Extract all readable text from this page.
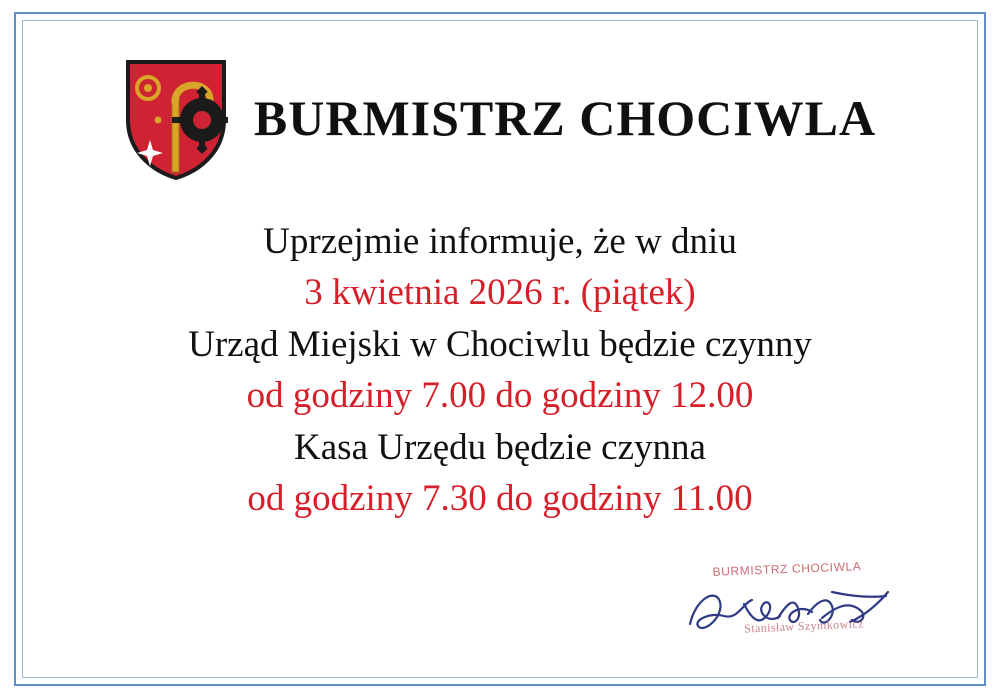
BURMISTRZ CHOCIWLA
Uprzejmie informuje, że w dniu
3 kwietnia 2026 r. (piątek)
Urząd Miejski w Chociwlu będzie czynny
od godziny 7.00 do godziny 12.00
Kasa Urzędu będzie czynna
od godziny 7.30 do godziny 11.00
BURMISTRZ CHOCIWLA
Stanisław Szymkowicz
